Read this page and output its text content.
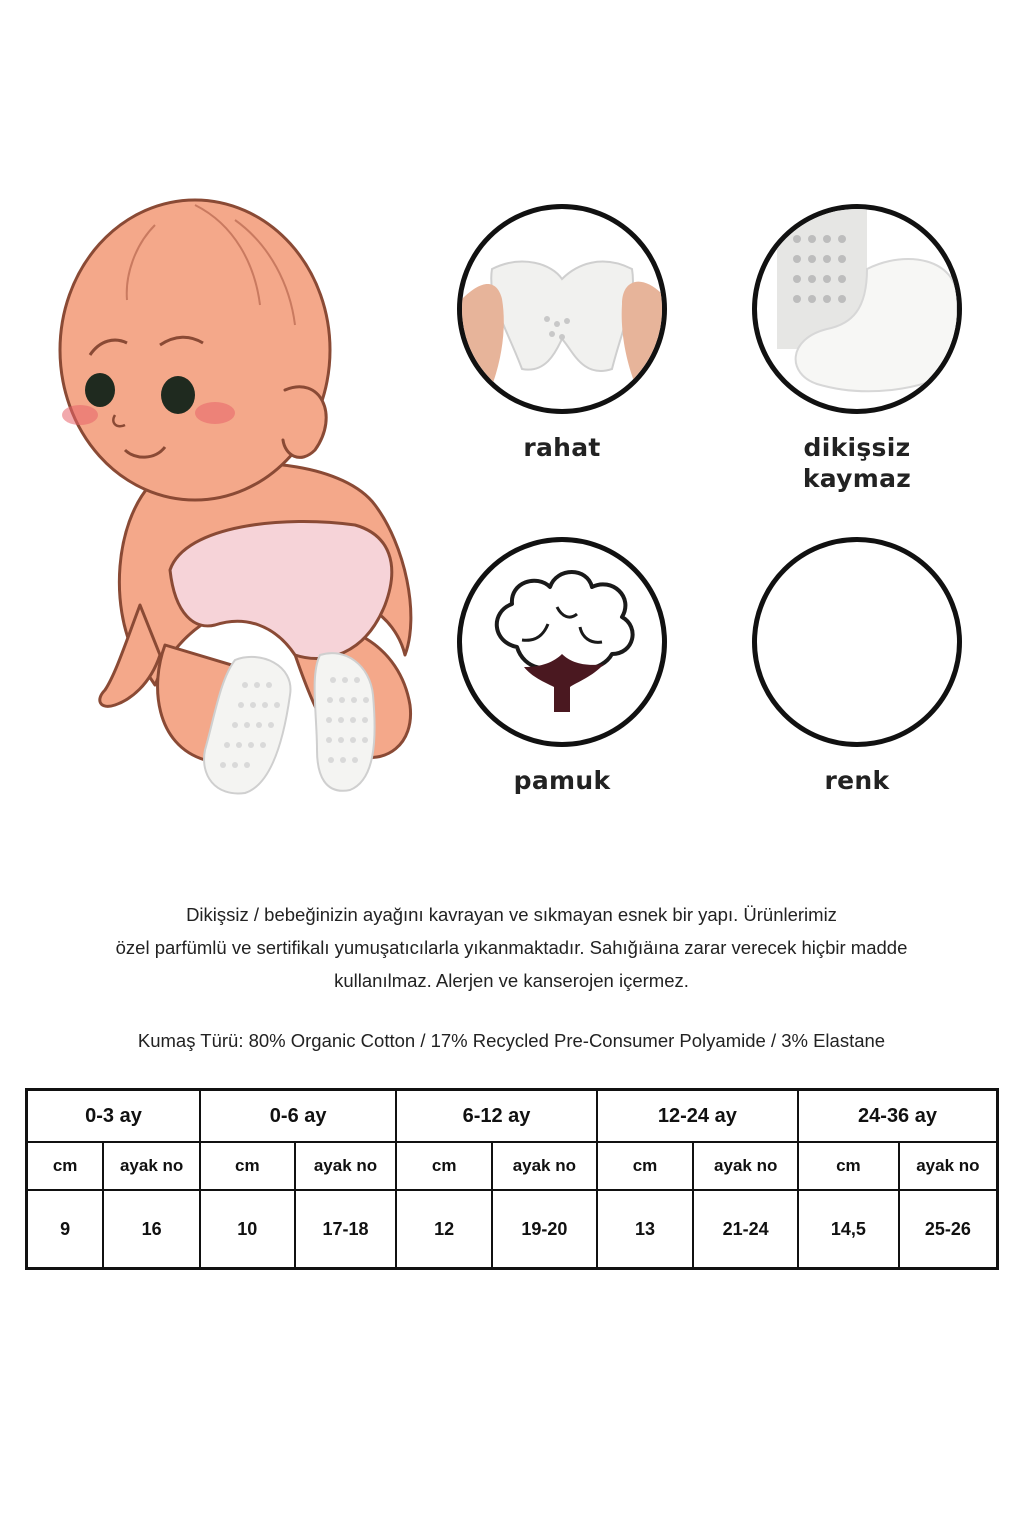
rahat	dikişsiz
kaymaz
pamuk	renk

Dikişsiz / bebeğinizin ayağını kavrayan ve sıkmayan esnek bir yapı. Ürünlerimiz

özel parfümlü ve sertifikalı yumuşatıcılarla yıkanmaktadır. Sahığıäına zarar verecek hiçbir madde

kullanılmaz. Alerjen ve kanserojen içermez.

Kumaş Türü: 80% Organic Cotton / 17% Recycled Pre-Consumer Polyamide / 3% Elastane
0-3 ay		0-6 ay		6-12 ay		12-24 ay		24-36 ay	
cm	ayak no	cm	ayak no	cm	ayak no	cm	ayak no	cm	ayak no
9	16	10	17-18	12	19-20	13	21-24	14,5	25-26
